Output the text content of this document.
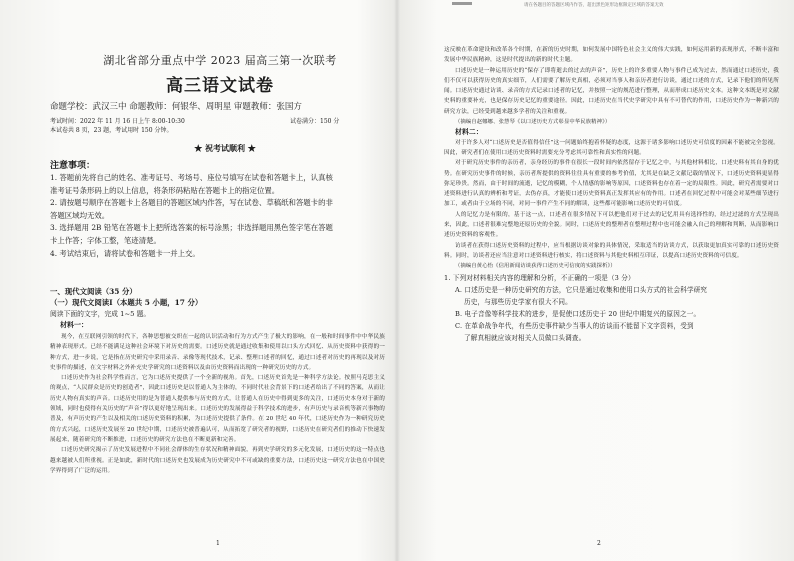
湖北省部分重点中学 2023 届高三第一次联考
高三语文试卷
命题学校：武汉三中 命题教师：何银华、周明星 审题教师：张国方
考试时间：2022 年 11 月 16 日上午 8:00-10:30	试卷满分：150 分
本试卷共 8 页，23 题，考试用时 150 分钟。
★ 祝考试顺利 ★
注意事项：

1. 答题前先将自己的姓名、准考证号、考场号、座位号填写在试卷和答题卡上，认真核

准考证号条形码上的以上信息，将条形码粘贴在答题卡上的指定位置。

2. 请按题号顺序在答题卡上各题目的答题区域内作答，写在试卷、草稿纸和答题卡的非

答题区域均无效。

3. 选择题用 2B 铅笔在答题卡上把所选答案的标号涂黑；非选择题用黑色签字笔在答题

卡上作答；字体工整，笔迹清楚。

4. 考试结束后，请将试卷和答题卡一并上交。

一、现代文阅读（35 分）
（一）现代文阅读Ⅰ（本题共 5 小题，17 分）
阅读下面的文字，完成 1~5 题。
材料一：

现今，在互联网引领的时代下，各种思想被交织在一起的认识活动和行为方式产生了极大的影响，在一般和时间事件中中华民族精神表现形式。已经不能满足这种社会环境下对历史的需要。口述历史就是通过收集和使用以口头方式回忆、从历史资料中获得的一种方式，进一步说，它是指在历史研究中采用录音、录像等现代技术，记录、整理口述者的回忆，通过口述者对历史的再现以及对历史事件的描述，在文字材料之外补充史学研究的口述资料以及由历史资料而出现的一种研究历史的方式。

口述历史作为社会科学性而言，它为口述历史提供了一个全新的视角。首先，口述历史首先是一种科学方法论。按照马克思主义的观点，“人民群众是历史的创造者”，因此口述历史是以普通人为主体的，不同时代社会背景下的口述者给出了不同的答案，从而让历史人物有真实的声音。口述历史用的是为普通人提供参与历史的方式，让普通人在历史中得到更多的关注，口述历史本身对于新的领域，同时也使得有关历史的“声音”得以更好地呈现出来。口述历史的发展得益于科学技术的进步，有声历史与录音机等新兴事物的普及，有声历史的产生以及相关的口述历史资料的积累，为口述历史提供了条件。在 20 世纪 40 年代，口述历史作为一种研究历史的方式兴起，口述历史发展至 20 世纪中期，口述历史被普遍认可，从而拓宽了研究者的视野，口述历史在研究者们的推动下快速发展起来，随着研究的不断推进，口述历史的研究方法也在不断更新和完善。

口述历史研究揭示了历史发展进程中不同社会群体的生存状况和精神面貌，再到史学研究的多元化发展，口述历史的这一特点也越来越被人们所重视。正是如此，新时代的口述历史也发展成为历史研究中不可或缺的重要方法，口述历史这一研究方法也在中国史学界得到了广泛的运用。

1
请在各题目的答题区域内作答，超出黑色矩形边框限定区域的答案无效

这反映在革命建设和改革各个时期，在新的历史时期，如何发展中国特色社会主义的伟大实践，如何运用新的表现形式，不断丰富和发展中华民族精神，这是时代提出的新的时代主题。

口述历史是一种运用历史的“保存了即将逝去的过去的声音”，历史上的许多重要人物与事件已成为过去，然而通过口述历史，我们不仅可以获得历史的真实细节，人们需要了解历史真相，必须对当事人和亲历者进行访谈，通过口述的方式，记录下他们的所见所闻。口述历史通过访谈、录音的方式记录口述者的记忆，并按照一定的规范进行整理，从而形成口述历史文本。这种文本既是对文献史料的重要补充，也是保存历史记忆的重要途径。因此，口述历史在当代史学研究中具有不可替代的作用，口述历史作为一种新兴的研究方法，已经受到越来越多学者的关注和重视。

（摘编自赵娜娜、张慧琴《以口述历史方式彰显中华民族精神》）

材料二：

对于许多人对“口述历史是否值得信任”这一问题始终抱着怀疑的态度，这源于诸多影响口述历史可信度的因素不能被完全忽视。因此，研究者们在使用口述历史资料时需要充分考虑其可靠性和真实性的问题。

对于研究历史事件的亲历者，亲身经历的事件在很长一段时间内依然留存于记忆之中，与其他材料相比，口述史料有其自身的优势。在研究历史事件的时候，亲历者所提供的资料往往具有重要的参考价值，尤其是在缺乏文献记载的情况下，口述历史资料更显得弥足珍贵。然而，由于时间的流逝，记忆的模糊，个人情感的影响等原因，口述资料也存在着一定的局限性。因此，研究者需要对口述资料进行认真的辨析和考证，去伪存真，才能使口述历史资料真正发挥其应有的作用。口述者在回忆过程中可能会对某些细节进行加工，或者由于立场的不同，对同一事件产生不同的解读，这些都可能影响口述历史的可信度。

人的记忆力是有限的，基于这一点，口述者在很多情况下可以把他们对于过去的记忆用具有选择性的，经过过滤的方式呈现出来，因此，口述者很难完整地还原历史的全貌。同时，口述历史的整理者在整理过程中也可能会融入自己的理解和判断，从而影响口述历史资料的客观性。

访谈者在获得口述历史资料的过程中，应当根据访谈对象的具体情况，采取适当的访谈方式，以获取更加真实可靠的口述历史资料。同时，访谈者还应当注意对口述资料进行核实，将口述资料与其他史料相互印证，以提高口述历史资料的可信度。

（摘编自黄心怡《信用新闻访谈获得口述历史可信度的实践探析》）

1. 下列对材料相关内容的理解和分析，不正确的一项是（3 分）

A. 口述历史是一种历史研究的方法，它只是通过收集和使用口头方式的社会科学研究

历史，与那些历史学家有很大不同。

B. 电子音像等科学技术的进步，是促使口述历史于 20 世纪中期复兴的原因之一。

C. 在革命战争年代，有些历史事件缺少当事人的访谈而不能留下文字资料，受到

了解真相就应该对相关人员做口头调查。

2
